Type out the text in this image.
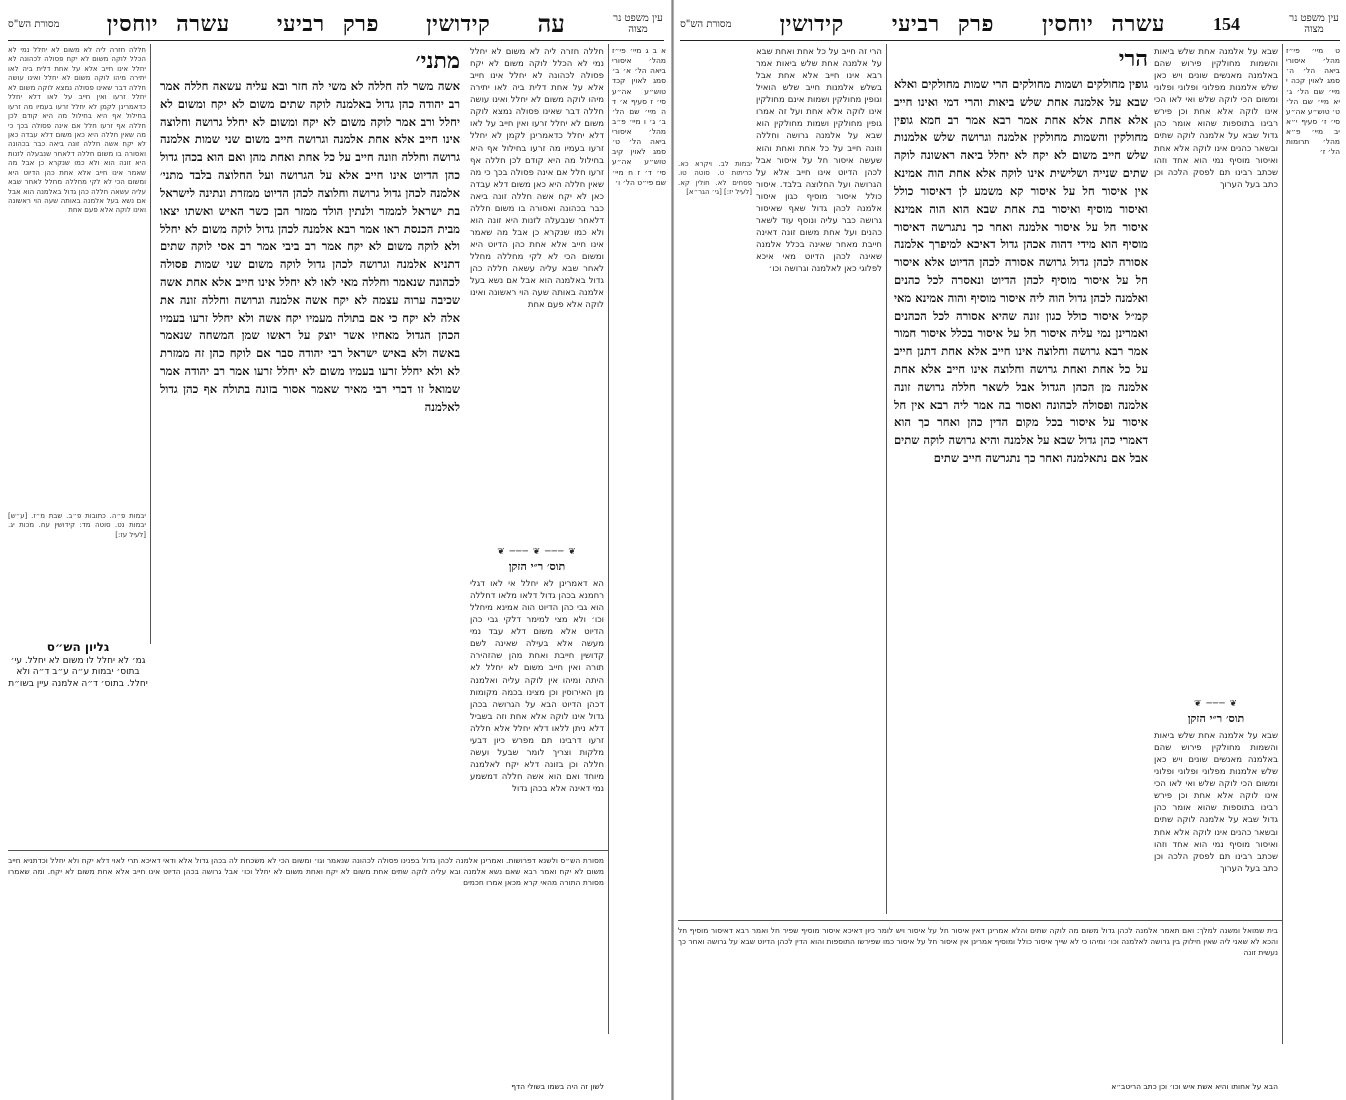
עין משפט נר מצוה
עה
קידושין
פרק רביעי
עשרה יוחסין
מסורת הש"ס
א ב ג מיי׳ פי״ז מהל׳ איסורי ביאה הל׳ א׳ ב׳ סמג לאוין קכד טוש״ע אה״ע סי׳ ז סעיף א׳ ד ה מיי׳ שם הל׳ ב׳ ג׳ ו מיי׳ פ״ב מהל׳ איסורי ביאה הל׳ ט׳ סמג לאוין קיב טוש״ע אה״ע סי׳ ד׳ ז ח מיי׳ שם פי״ט הל׳ ו׳
חללה חזרה ליה לא משום לא יחלל נמי לא הכלל לוקה משום לא יקח פסולה לכהונה לא יחלל אינו חייב אלא על אחת דלית ביה לאו יתירה מיהו לוקה משום לא יחלל ואינו עושה חללה דבר שאינו פסולה נמצא לוקה משום לא יחלל זרעו ואין חייב על לאו דלא יחלל כדאמרינן לקמן לא יחלל זרעו בעמיו מה זרעו בחילול אף היא בחילול מה היא קודם לכן חללה אף זרעו חלל אם אינה פסולה בכך כי מה שאין חללה היא כאן משום דלא עבדה כאן לא יקח אשה חללה זונה ביאה כבר בכהונה ואסורה בו משום חללה דלאחר שנבעלה לזנות היא זונה הוא ולא כמו שנקרא כן אבל מה שאמר אינו חייב אלא אחת כהן הדיוט היא ומשום הכי לא לקי מחללה מחלל לאחר שבא עליה עשאה חללה כהן גדול באלמנה הוא אבל אם נשא בעל אלמנה באותה שעה הוי ראשונה ואינו לוקה אלא פעם אחת
❦ ─── ❦ ─── ❦
תוס׳ ר״י הזקן
הא דאמרינן לא יחלל אי לאו דגלי רחמנא בכהן גדול דלאו מלאו דחללה הוא גבי כהן הדיוט הוה אמינא מיחלל וכו׳ ולא מצי למימר דלקי גבי כהן הדיוט אלא משום דלא עבד נמי מעשה אלא בעילה שאינה לשם קדושין חייבת ואחת מהן שהזהירה תורה ואין חייב משום לא יחלל לא היתה ומיהו אין לוקה עליה ואלמנה מן האירוסין וכן מצינו בכמה מקומות דכהן הדיוט הבא על הגרושה בכהן גדול אינו לוקה אלא אחת וזה בשביל דלא ניתן ללאו דלא יחלל אלא חללה זרעו דרבינו תם מפרש כיון דבעי מלקות וצריך לומר שבעל ועשה חללה וכן בזונה דלא יקח לאלמנה מיוחד ואם הוא אשה חללה דמשמע נמי דאינה אלא בכהן גדול
מתני׳
אשה משר לה חללה לא משי לה חזר ובא עליה עשאה חללה אמר רב יהודה כהן גדול באלמנה לוקה שתים משום לא יקח ומשום לא יחלל ורב אמר לוקה משום לא יקח ומשום לא יחלל גרושה וחלוצה אינו חייב אלא אחת אלמנה וגרושה חייב משום שני שמות אלמנה גרושה וחללה וזונה חייב על כל אחת ואחת מהן ואם הוא בכהן גדול כהן הדיוט אינו חייב אלא על הגרושה ועל החלוצה בלבד מתני׳ אלמנה לכהן גדול גרושה וחלוצה לכהן הדיוט ממזרת ונתינה לישראל בת ישראל לממזר ולנתין הולד ממזר הבן כשר האיש ואשתו יצאו מבית הכנסת ראו אמר רבא אלמנה לכהן גדול לוקה משום לא יחלל ולא לוקה משום לא יקח אמר רב ביבי אמר רב אסי לוקה שתים דתניא אלמנה וגרושה לכהן גדול לוקה משום שני שמות פסולה לכהונה שנאמר וחללה מאי לאו לא יחלל אינו חייב אלא אחת אשה שכיבה ערוה עצמה לא יקח אשה אלמנה וגרושה וחללה זונה את אלה לא יקח כי אם בתולה מעמיו יקח אשה ולא יחלל זרעו בעמיו הכהן הגדול מאחיו אשר יוצק על ראשו שמן המשחה שנאמר באשה ולא באיש ישראל רבי יהודה סבר אם לוקח כהן זה ממזרת לא ולא יחלל זרעו בעמיו משום לא יחלל זרעו אמר רב יהודה אמר שמואל זו דברי רבי מאיר שאמר אסור בזונה בתולה אף כהן גדול לאלמנה
חללה חזרה ליה לא משום לא יחלל נמי לא הכלל לוקה משום לא יקח פסולה לכהונה לא יחלל אינו חייב אלא על אחת דלית ביה לאו יתירה מיהו לוקה משום לא יחלל ואינו עושה חללה דבר שאינו פסולה נמצא לוקה משום לא יחלל זרעו ואין חייב על לאו דלא יחלל כדאמרינן לקמן לא יחלל זרעו בעמיו מה זרעו בחילול אף היא בחילול מה היא קודם לכן חללה אף זרעו חלל אם אינה פסולה בכך כי מה שאין חללה היא כאן משום דלא עבדה כאן לא יקח אשה חללה זונה ביאה כבר בכהונה ואסורה בו משום חללה דלאחר שנבעלה לזנות היא זונה הוא ולא כמו שנקרא כן אבל מה שאמר אינו חייב אלא אחת כהן הדיוט היא ומשום הכי לא לקי מחללה מחלל לאחר שבא עליה עשאה חללה כהן גדול באלמנה הוא אבל אם נשא בעל אלמנה באותה שעה הוי ראשונה ואינו לוקה אלא פעם אחת
יבמות פ״ה. כתובות פ״ב. שבת מ״ז. [ע״ש] יבמות נט. סוטה מד: קידושין עח. מכות יג. [לעיל עז:]
גליון הש״ס
גמ׳ לא יחלל לו משום לא יחלל. עי׳ בתוס׳ יבמות ע״ה ע״ב ד״ה ולא יחלל. בתוס׳ ד״ה אלמנה עיין בשו״ת
מסורת הש״ס ולשנא דפרושות. ואמרינן אלמנה לכהן גדול בפנינו פסולה לכהונה שנאמר וגו׳ ומשום הכי לא משכחת לה בכהן גדול אלא ודאי דאיכא תרי לאוי דלא יקח ולא יחלל וכדתניא חייב משום לא יקח ואמר רבא שאם נשא אלמנה ובא עליה לוקה שתים אחת משום לא יקח ואחת משום לא יחלל וכו׳ אבל גרושה בכהן הדיוט אינו חייב אלא אחת משום לא יקח. ומה שאמרו מסורת התורה מהאי קרא מכאן אמרו חכמים
לשון זה היה בשמו בשולי הדף
עין משפט נר מצוה
154
עשרה יוחסין
פרק רביעי
קידושין
מסורת הש"ס
ט מיי׳ פי״ז מהל׳ איסורי ביאה הל׳ ה׳ סמג לאוין קכה י מיי׳ שם הל׳ ג׳ יא מיי׳ שם הל׳ ט׳ טוש״ע אה״ע סי׳ ז׳ סעיף י״א יב מיי׳ פ״א מהל׳ תרומות הל׳ ז׳
שבא על אלמנה אחת שלש ביאות והשמות מחולקין פירוש שהם באלמנה מאנשים שונים ויש כאן שלש אלמנות מפלוני ופלוני ופלוני ומשום הכי לוקה שלש ואי לאו הכי אינו לוקה אלא אחת וכן פירש רבינו בתוספות שהוא אומר כהן גדול שבא על אלמנה לוקה שתים ובשאר כהנים אינו לוקה אלא אחת ואיסור מוסיף נמי הוא אחד וזהו שכתב רבינו תם לפסק הלכה וכן כתב בעל הערוך
❦ ─── ❦
תוס׳ ר״י הזקן
שבא על אלמנה אחת שלש ביאות והשמות מחולקין פירוש שהם באלמנה מאנשים שונים ויש כאן שלש אלמנות מפלוני ופלוני ופלוני ומשום הכי לוקה שלש ואי לאו הכי אינו לוקה אלא אחת וכן פירש רבינו בתוספות שהוא אומר כהן גדול שבא על אלמנה לוקה שתים ובשאר כהנים אינו לוקה אלא אחת ואיסור מוסיף נמי הוא אחד וזהו שכתב רבינו תם לפסק הלכה וכן כתב בעל הערוך
הרי
גופין מחולקים ושמות מחולקים הרי שמות מחולקים ואלא שבא על אלמנה אחת שלש ביאות והרי דמי ואינו חייב אלא אחת אלא אחת אמר רבא אמר רב חמא גופין מחולקין והשמות מחולקין אלמנה וגרושה שלש אלמנות שלש חייב משום לא יקח לא יחלל ביאה ראשונה לוקה שתים שנייה ושלישית אינו לוקה אלא אחת הוה אמינא אין איסור חל על איסור קא משמע לן דאיסור כולל ואיסור מוסיף ואיסור בת אחת שבא הוא הוה אמינא איסור חל על איסור אלמנה ואחר כך נתגרשה דאיסור מוסיף הוא מידי דהוה אכהן גדול דאיכא למיפרך אלמנה אסורה לכהן גדול גרושה אסורה לכהן הדיוט אלא איסור חל על איסור מוסיף לכהן הדיוט ונאסרה לכל כהנים ואלמנה לכהן גדול הוה ליה איסור מוסיף והוה אמינא מאי קמ״ל איסור כולל כגון זונה שהיא אסורה לכל הכהנים ואמרינן נמי עליה איסור חל על איסור בכלל איסור חמור אמר רבא גרושה וחלוצה אינו חייב אלא אחת דתנן חייב על כל אחת ואחת גרושה וחלוצה אינו חייב אלא אחת אלמנה מן הכהן הגדול אבל לשאר חללה גרושה זונה אלמנה ופסולה לכהונה ואסור בה אמר ליה רבא אין חל איסור על איסור בכל מקום הדין כהן ואחר כך הוא דאמרי כהן גדול שבא על אלמנה והיא גרושה לוקה שתים אבל אם נתאלמנה ואחר כך נתגרשה חייב שתים
הרי זה חייב על כל אחת ואחת שבא על אלמנה אחת שלש ביאות אמר רבא אינו חייב אלא אחת אבל בשלש אלמנות חייב שלש הואיל וגופין מחולקין ושמות אינם מחולקין אינו לוקה אלא אחת ועל זה אמרו גופין מחולקין ושמות מחולקין הוא שבא על אלמנה גרושה וחללה וזונה חייב על כל אחת ואחת והוא שעשה איסור חל על איסור אבל לכהן הדיוט אינו חייב אלא על הגרושה ועל החלוצה בלבד. איסור כולל איסור מוסיף כגון איסור אלמנה לכהן גדול שאף שאיסור גרושה כבר עליה ונוסף עוד לשאר כהנים ועל אחת משום זונה דאינה חייבת מאחר שאינה בכלל אלמנה שאינה לכהן הדיוט מאי איכא לפלוגי כאן לאלמנה וגרושה וכו׳
יבמות לב. ויקרא כא. כריתות ט. סוטה טו. פסחים לא. חולין קא. [לעיל יז:] [גי׳ הגר״א]
בית שמואל ומשנה למלך: ואם תאמר אלמנה לכהן גדול משום מה לוקה שתים והלא אמרינן דאין איסור חל על איסור ויש לומר כיון דאיכא איסור מוסיף שפיר חל ואמר רבא דאיסור מוסיף חל והכא לא שאני ליה שאין חילוק בין גרושה לאלמנה וכו׳ ומיהו כי לא שייך איסור כולל ומוסיף אמרינן אין איסור חל על איסור כמו שפירשו התוספות והוא הדין לכהן הדיוט שבא על גרושה ואחר כך נעשית זונה
הבא על אחותו והיא אשת איש וכו׳ וכן כתב הריטב״א
